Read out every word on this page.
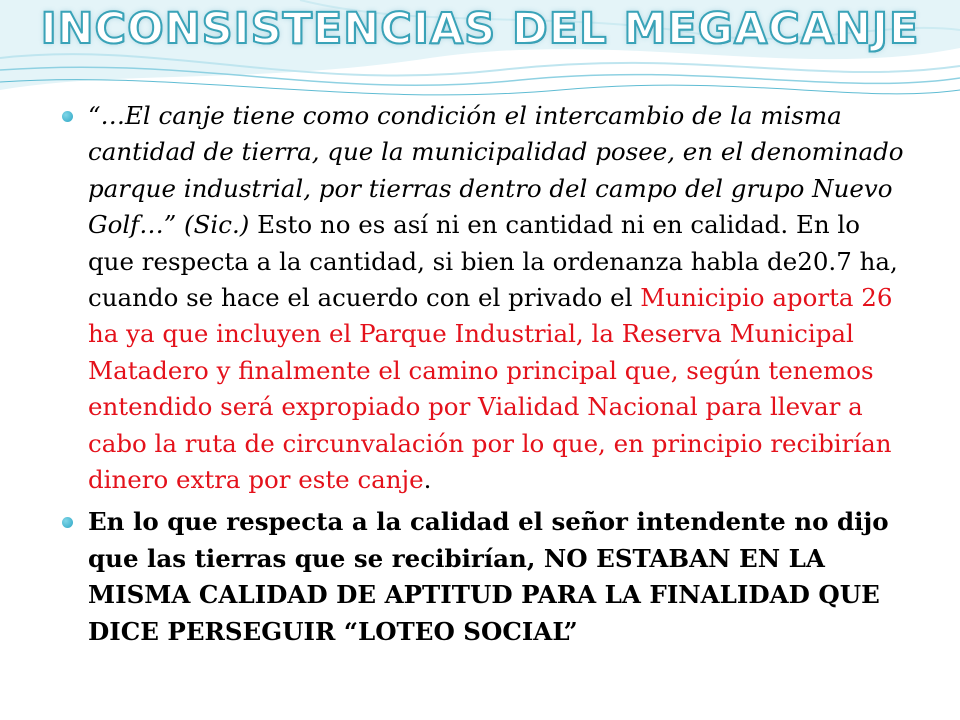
INCONSISTENCIAS DEL MEGACANJE
“…El canje tiene como condición el intercambio de la misma cantidad de tierra, que la municipalidad posee, en el denominado parque industrial, por tierras dentro del campo del grupo Nuevo Golf…” (Sic.) Esto no es así ni en cantidad ni en calidad. En lo que respecta a la cantidad, si bien la ordenanza habla de20.7 ha, cuando se hace el acuerdo con el privado el Municipio aporta 26 ha ya que incluyen el Parque Industrial, la Reserva Municipal Matadero y finalmente el camino principal que, según tenemos entendido será expropiado por Vialidad Nacional para llevar a cabo la ruta de circunvalación por lo que, en principio recibirían dinero extra por este canje.
En lo que respecta a la calidad el señor intendente no dijo que las tierras que se recibirían, NO ESTABAN EN LA MISMA CALIDAD DE APTITUD PARA LA FINALIDAD QUE DICE PERSEGUIR “LOTEO SOCIAL”
